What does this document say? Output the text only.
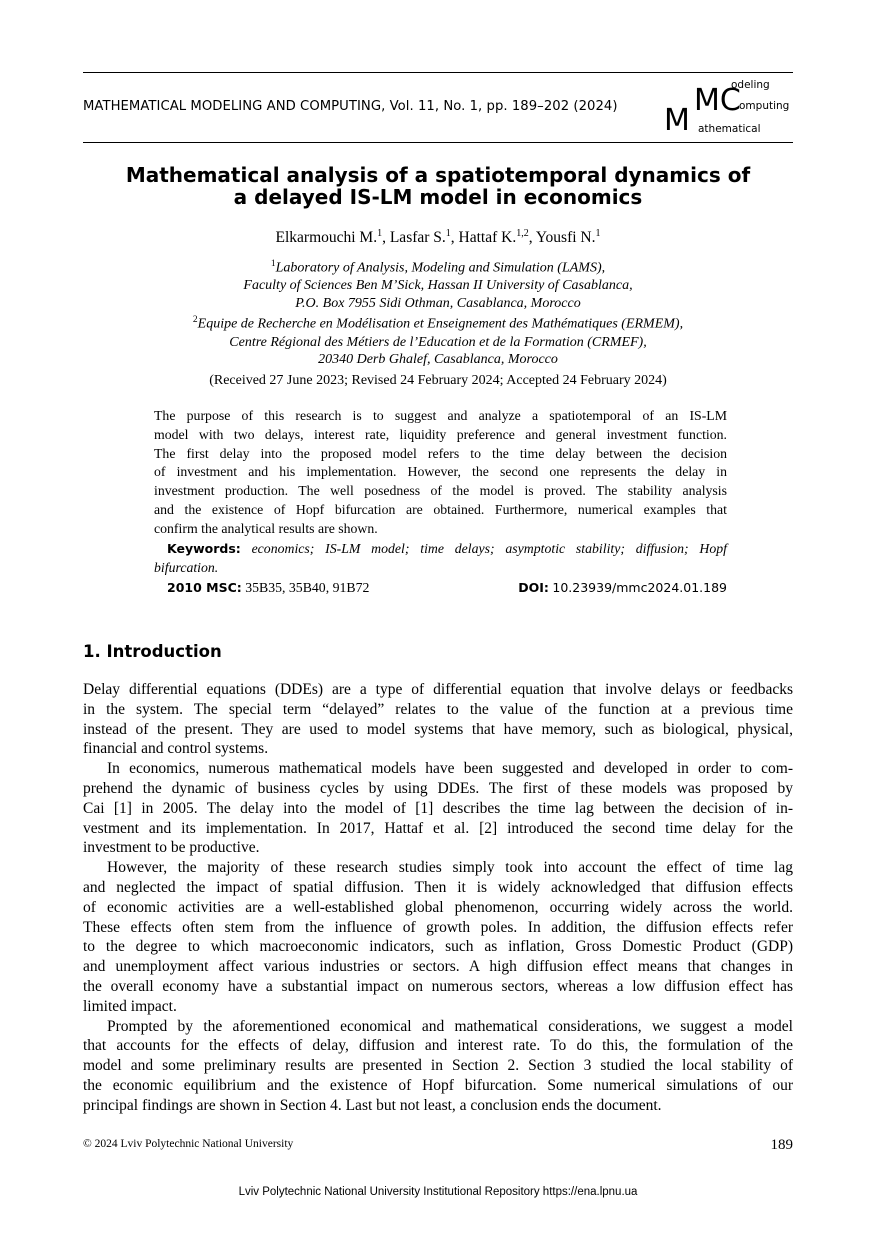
MATHEMATICAL MODELING AND COMPUTING, Vol. 11, No. 1, pp. 189–202 (2024) M
MC
odeling
omputing
athematical
Mathematical analysis of a spatiotemporal dynamics of
a delayed IS-LM model in economics
Elkarmouchi M.$^1$, Lasfar S.$^1$, Hattaf K.$^{1,2}$, Yousfi N.$^1$
$^1$Laboratory of Analysis, Modeling and Simulation (LAMS),
Faculty of Sciences Ben M’Sick, Hassan II University of Casablanca,
P.O. Box 7955 Sidi Othman, Casablanca, Morocco
$^2$Equipe de Recherche en Modélisation et Enseignement des Mathématiques (ERMEM),
Centre Régional des Métiers de l’Education et de la Formation (CRMEF),
20340 Derb Ghalef, Casablanca, Morocco
(Received 27 June 2023; Revised 24 February 2024; Accepted 24 February 2024)
The purpose of this research is to suggest and analyze a spatiotemporal of an IS-LM
model with two delays, interest rate, liquidity preference and general investment function.
The first delay into the proposed model refers to the time delay between the decision
of investment and his implementation. However, the second one represents the delay in
investment production. The well posedness of the model is proved. The stability analysis
and the existence of Hopf bifurcation are obtained. Furthermore, numerical examples that
confirm the analytical results are shown.
Keywords: economics; IS-LM model; time delays; asymptotic stability; diffusion; Hopf
bifurcation.
2010 MSC: 35B35, 35B40, 91B72	DOI: 10.23939/mmc2024.01.189
1. Introduction
Delay differential equations (DDEs) are a type of differential equation that involve delays or feedbacks
in the system. The special term “delayed” relates to the value of the function at a previous time
instead of the present. They are used to model systems that have memory, such as biological, physical,
financial and control systems.
In economics, numerous mathematical models have been suggested and developed in order to com-
prehend the dynamic of business cycles by using DDEs. The first of these models was proposed by
Cai [1] in 2005. The delay into the model of [1] describes the time lag between the decision of in-
vestment and its implementation. In 2017, Hattaf et al. [2] introduced the second time delay for the
investment to be productive.
However, the majority of these research studies simply took into account the effect of time lag
and neglected the impact of spatial diffusion. Then it is widely acknowledged that diffusion effects
of economic activities are a well-established global phenomenon, occurring widely across the world.
These effects often stem from the influence of growth poles. In addition, the diffusion effects refer
to the degree to which macroeconomic indicators, such as inflation, Gross Domestic Product (GDP)
and unemployment affect various industries or sectors. A high diffusion effect means that changes in
the overall economy have a substantial impact on numerous sectors, whereas a low diffusion effect has
limited impact.
Prompted by the aforementioned economical and mathematical considerations, we suggest a model
that accounts for the effects of delay, diffusion and interest rate. To do this, the formulation of the
model and some preliminary results are presented in Section 2. Section 3 studied the local stability of
the economic equilibrium and the existence of Hopf bifurcation. Some numerical simulations of our
principal findings are shown in Section 4. Last but not least, a conclusion ends the document.
© 2024 Lviv Polytechnic National University	189
Lviv Polytechnic National University Institutional Repository https://ena.lpnu.ua
